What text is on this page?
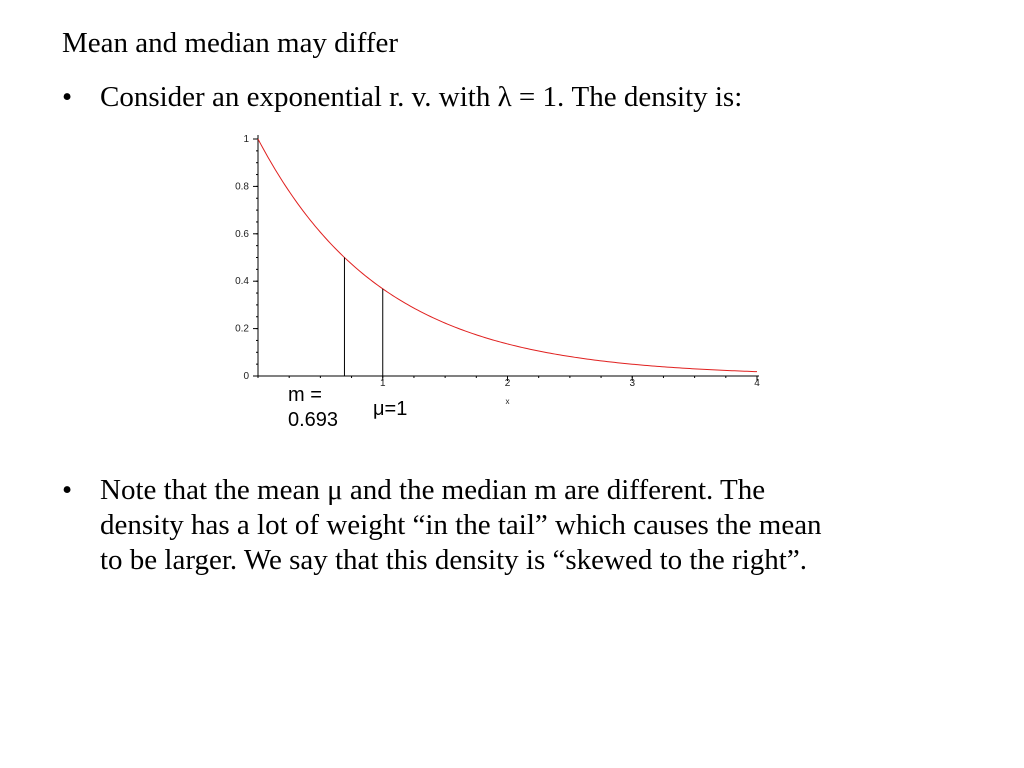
Mean and median may differ
• Consider an exponential r. v. with λ = 1. The density is:
0
0.2
0.4
0.6
0.8
1
1	2	3	4
x
m =
0.693 μ=1
• Note that the mean μ and the median m are different. The
density has a lot of weight “in the tail” which causes the mean
to be larger. We say that this density is “skewed to the right”.
